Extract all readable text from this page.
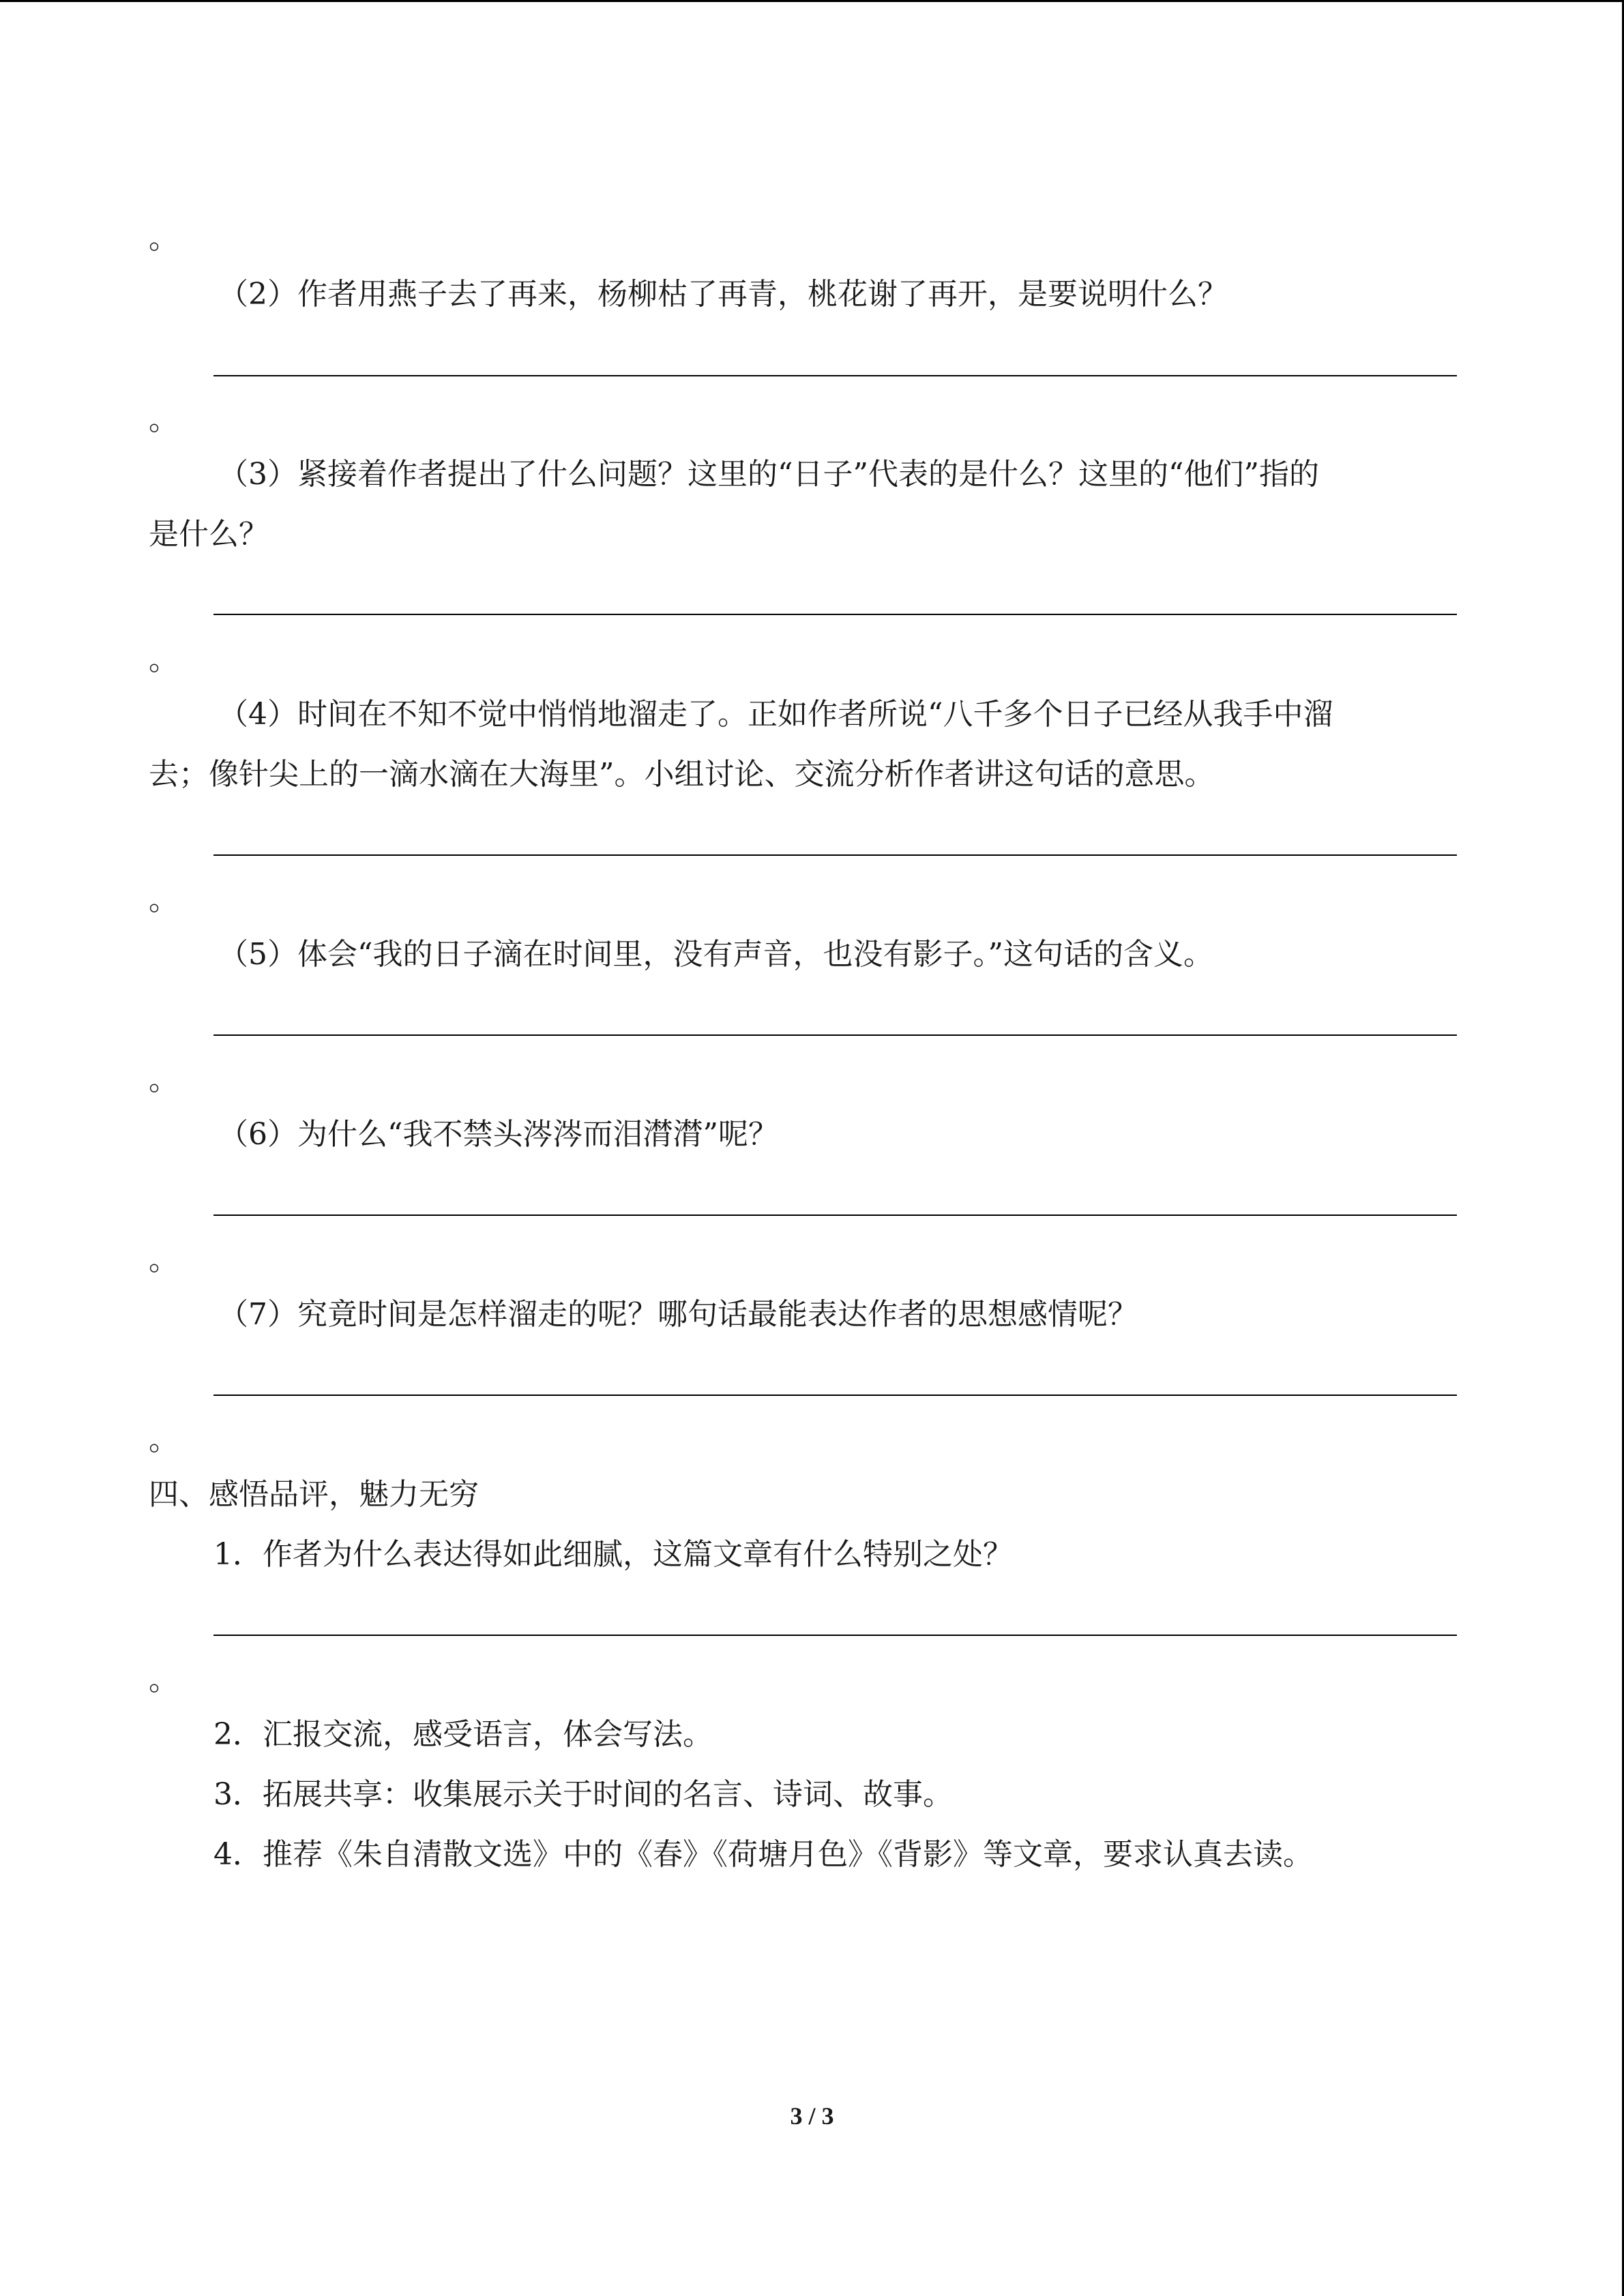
。
（2）作者用燕子去了再来，杨柳枯了再青，桃花谢了再开，是要说明什么？
。
（3）紧接着作者提出了什么问题？这里的“日子”代表的是什么？这里的“他们”指的
是什么？
。
（4）时间在不知不觉中悄悄地溜走了。正如作者所说“八千多个日子已经从我手中溜
去；像针尖上的一滴水滴在大海里”。小组讨论、交流分析作者讲这句话的意思。
。
（5）体会“我的日子滴在时间里，没有声音，也没有影子。”这句话的含义。
。
（6）为什么“我不禁头涔涔而泪潸潸”呢？
。
（7）究竟时间是怎样溜走的呢？哪句话最能表达作者的思想感情呢？
。
四、感悟品评，魅力无穷
1．作者为什么表达得如此细腻，这篇文章有什么特别之处？
。
2．汇报交流，感受语言，体会写法。
3．拓展共享：收集展示关于时间的名言、诗词、故事。
4．推荐《朱自清散文选》中的《春》《荷塘月色》《背影》等文章，要求认真去读。
3 / 3
